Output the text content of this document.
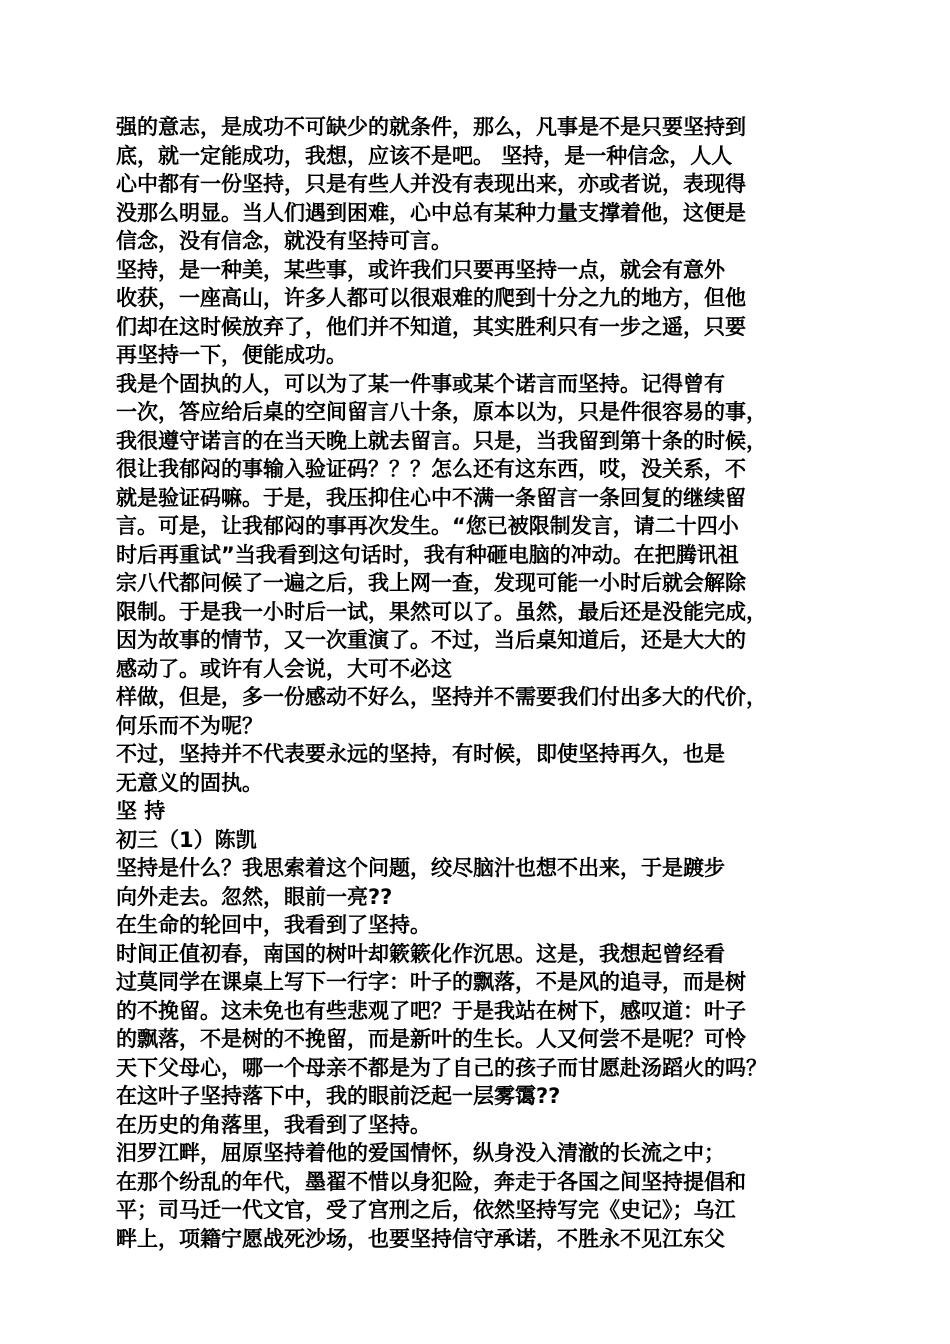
强的意志，是成功不可缺少的就条件，那么，凡事是不是只要坚持到
底，就一定能成功，我想，应该不是吧。 坚持，是一种信念，人人
心中都有一份坚持，只是有些人并没有表现出来，亦或者说，表现得
没那么明显。当人们遇到困难，心中总有某种力量支撑着他，这便是
信念，没有信念，就没有坚持可言。
坚持，是一种美，某些事，或许我们只要再坚持一点，就会有意外
收获，一座高山，许多人都可以很艰难的爬到十分之九的地方，但他
们却在这时候放弃了，他们并不知道，其实胜利只有一步之遥，只要
再坚持一下，便能成功。
我是个固执的人，可以为了某一件事或某个诺言而坚持。记得曾有
一次，答应给后桌的空间留言八十条，原本以为，只是件很容易的事，
我很遵守诺言的在当天晚上就去留言。只是，当我留到第十条的时候，
很让我郁闷的事输入验证码？？？怎么还有这东西，哎，没关系，不
就是验证码嘛。于是，我压抑住心中不满一条留言一条回复的继续留
言。可是，让我郁闷的事再次发生。“您已被限制发言，请二十四小
时后再重试”当我看到这句话时，我有种砸电脑的冲动。在把腾讯祖
宗八代都问候了一遍之后，我上网一查，发现可能一小时后就会解除
限制。于是我一小时后一试，果然可以了。虽然，最后还是没能完成，
因为故事的情节，又一次重演了。不过，当后桌知道后，还是大大的
感动了。或许有人会说，大可不必这
样做，但是，多一份感动不好么，坚持并不需要我们付出多大的代价，
何乐而不为呢？
不过，坚持并不代表要永远的坚持，有时候，即使坚持再久，也是
无意义的固执。
坚 持
初三（1）陈凯
坚持是什么？我思索着这个问题，绞尽脑汁也想不出来，于是踱步
向外走去。忽然，眼前一亮??
在生命的轮回中，我看到了坚持。
时间正值初春，南国的树叶却簌簌化作沉思。这是，我想起曾经看
过莫同学在课桌上写下一行字：叶子的飘落，不是风的追寻，而是树
的不挽留。这未免也有些悲观了吧？于是我站在树下，感叹道：叶子
的飘落，不是树的不挽留，而是新叶的生长。人又何尝不是呢？可怜
天下父母心，哪一个母亲不都是为了自己的孩子而甘愿赴汤蹈火的吗？
在这叶子坚持落下中，我的眼前泛起一层雾霭??
在历史的角落里，我看到了坚持。
汨罗江畔，屈原坚持着他的爱国情怀，纵身没入清澈的长流之中；
在那个纷乱的年代，墨翟不惜以身犯险，奔走于各国之间坚持提倡和
平；司马迁一代文官，受了宫刑之后，依然坚持写完《史记》；乌江
畔上，项籍宁愿战死沙场，也要坚持信守承诺，不胜永不见江东父
